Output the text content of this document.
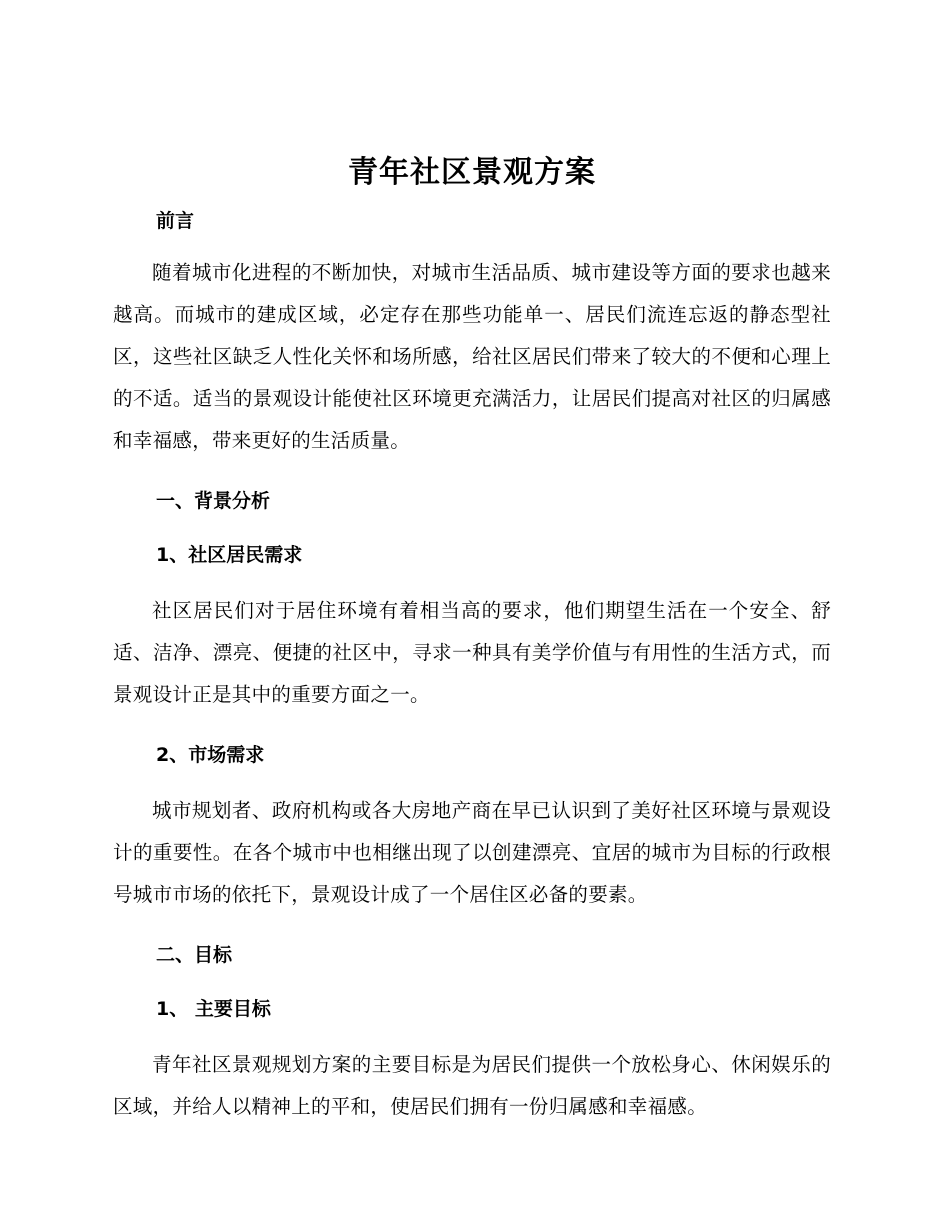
青年社区景观方案
前言

随着城市化进程的不断加快，对城市生活品质、城市建设等方面的要求也越来越高。而城市的建成区域，必定存在那些功能单一、居民们流连忘返的静态型社区，这些社区缺乏人性化关怀和场所感，给社区居民们带来了较大的不便和心理上的不适。适当的景观设计能使社区环境更充满活力，让居民们提高对社区的归属感和幸福感，带来更好的生活质量。

一、背景分析
1、社区居民需求

社区居民们对于居住环境有着相当高的要求，他们期望生活在一个安全、舒适、洁净、漂亮、便捷的社区中，寻求一种具有美学价值与有用性的生活方式，而景观设计正是其中的重要方面之一。

2、市场需求

城市规划者、政府机构或各大房地产商在早已认识到了美好社区环境与景观设计的重要性。在各个城市中也相继出现了以创建漂亮、宜居的城市为目标的行政根号城市市场的依托下，景观设计成了一个居住区必备的要素。

二、目标
1、 主要目标

青年社区景观规划方案的主要目标是为居民们提供一个放松身心、休闲娱乐的区域，并给人以精神上的平和，使居民们拥有一份归属感和幸福感。
